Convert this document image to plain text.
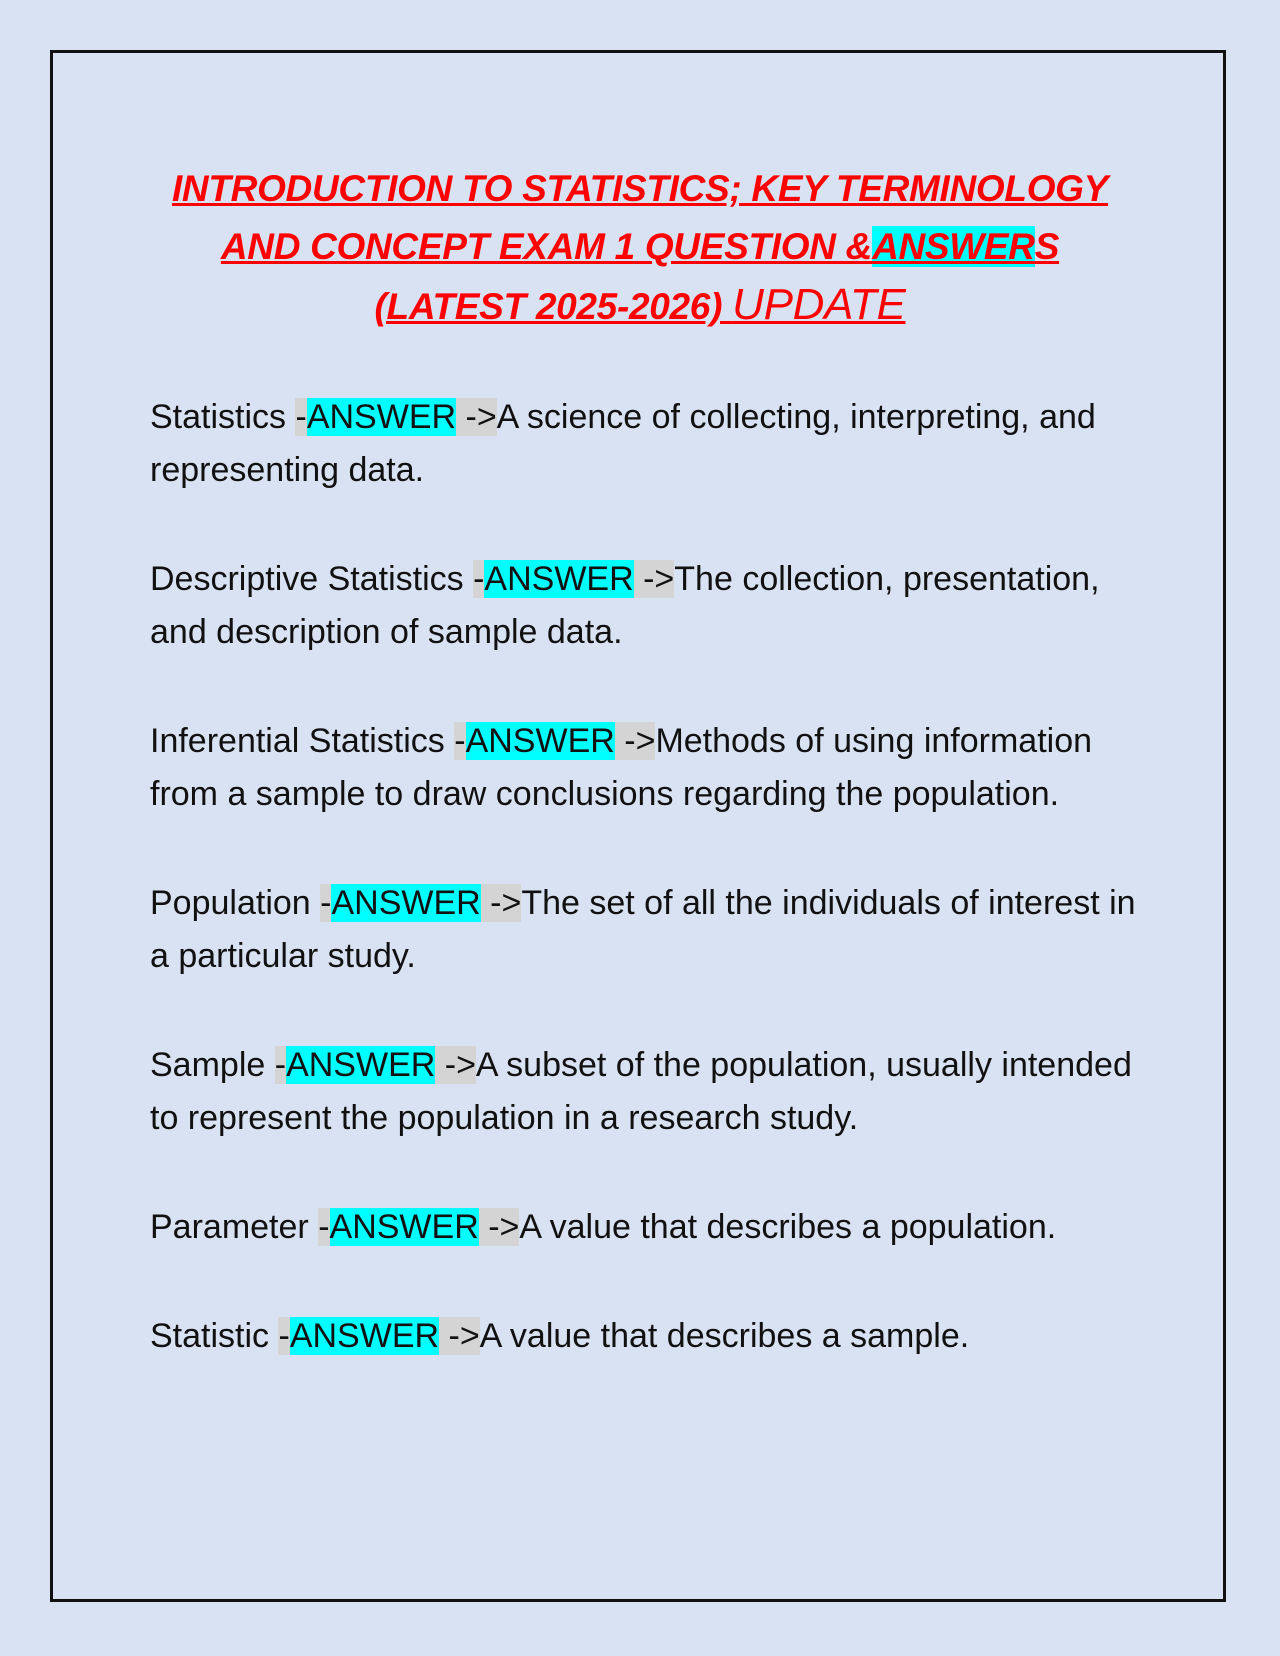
INTRODUCTION TO STATISTICS; KEY TERMINOLOGY
AND CONCEPT EXAM 1 QUESTION &ANSWERS
(LATEST 2025-2026) UPDATE
Statistics -ANSWER ->A science of collecting, interpreting, and representing data.
Descriptive Statistics -ANSWER ->The collection, presentation, and description of sample data.
Inferential Statistics -ANSWER ->Methods of using information from a sample to draw conclusions regarding the population.
Population -ANSWER ->The set of all the individuals of interest in a particular study.
Sample -ANSWER ->A subset of the population, usually intended to represent the population in a research study.
Parameter -ANSWER ->A value that describes a population.
Statistic -ANSWER ->A value that describes a sample.
